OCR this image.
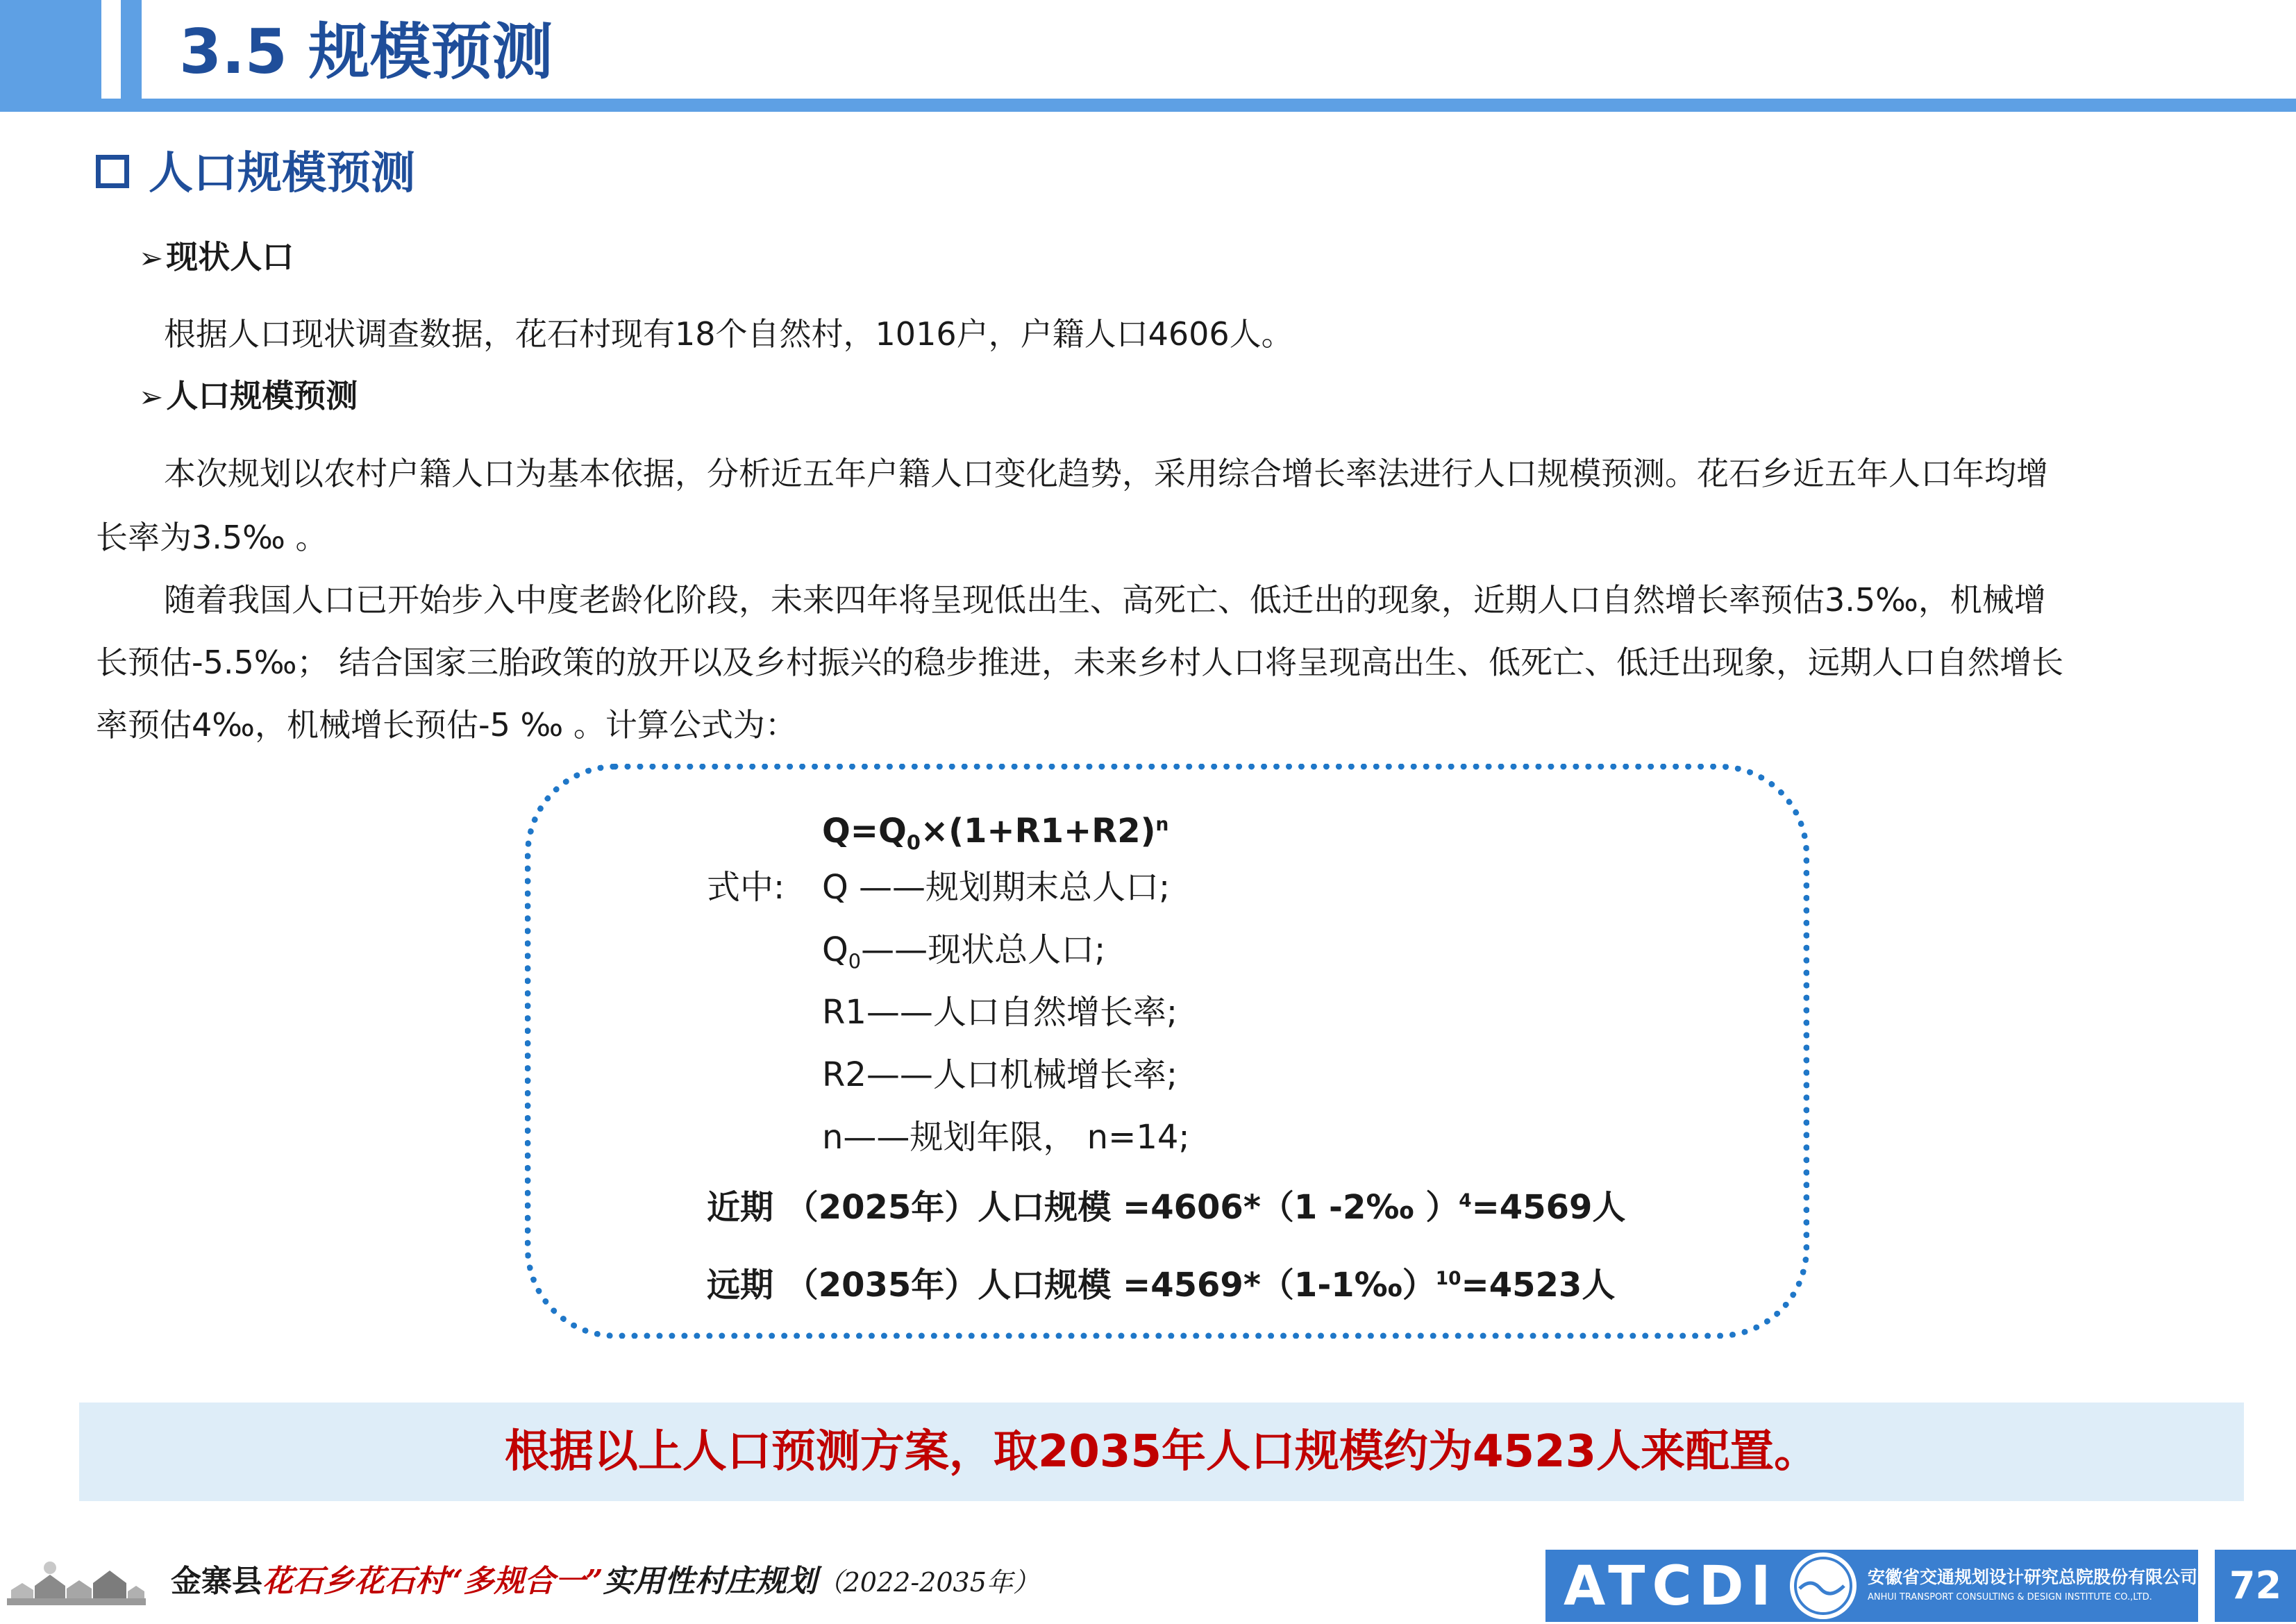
3.5 规模预测
人口规模预测
➢现状人口
根据人口现状调查数据，花石村现有18个自然村，1016户，户籍人口4606人。
➢人口规模预测
本次规划以农村户籍人口为基本依据，分析近五年户籍人口变化趋势，采用综合增长率法进行人口规模预测。花石乡近五年人口年均增
长率为3.5‰ 。
随着我国人口已开始步入中度老龄化阶段，未来四年将呈现低出生、高死亡、低迁出的现象，近期人口自然增长率预估3.5‰，机械增
长预估-5.5‰； 结合国家三胎政策的放开以及乡村振兴的稳步推进，未来乡村人口将呈现高出生、低死亡、低迁出现象，远期人口自然增长
率预估4‰，机械增长预估-5 ‰ 。计算公式为：
$Q=Q_0\times(1+R1+R2)^n$
式中: Q ——规划期末总人口;
$Q_0——$现状总人口;
R1——人口自然增长率;
R2——人口机械增长率;
n——规划年限， n=14;
近期 （2025年）人口规模 =4606*（1 -2‰ ）$^4$=4569人
远期 （2035年）人口规模 =4569*（1-1‰）$^{10}$=4523人
根据以上人口预测方案，取2035年人口规模约为4523人来配置。
金寨县花石乡花石村“多规合一”实用性村庄规划（2022-2035年）	ATCDI	安徽省交通规划设计研究总院股份有限公司
ANHUI TRANSPORT CONSULTING & DESIGN INSTITUTE CO.,LTD.	72
